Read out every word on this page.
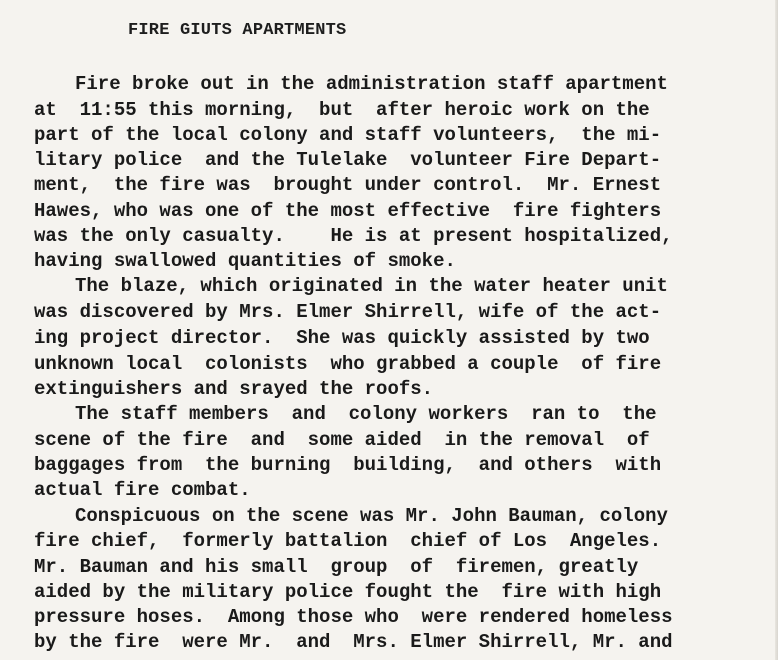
FIRE GIUTS APARTMENTS
Fire broke out in the administration staff apartment
at  11:55 this morning,  but  after heroic work on the
part of the local colony and staff volunteers,  the mi-
litary police  and the Tulelake  volunteer Fire Depart-
ment,  the fire was  brought under control.  Mr. Ernest
Hawes, who was one of the most effective  fire fighters
was the only casualty.    He is at present hospitalized,
having swallowed quantities of smoke.
The blaze, which originated in the water heater unit
was discovered by Mrs. Elmer Shirrell, wife of the act-
ing project director.  She was quickly assisted by two
unknown local  colonists  who grabbed a couple  of fire
extinguishers and srayed the roofs.
The staff members  and  colony workers  ran to  the
scene of the fire  and  some aided  in the removal  of
baggages from  the burning  building,  and others  with
actual fire combat.
Conspicuous on the scene was Mr. John Bauman, colony
fire chief,  formerly battalion  chief of Los  Angeles.
Mr. Bauman and his small  group  of  firemen, greatly
aided by the military police fought the  fire with high
pressure hoses.  Among those who  were rendered homeless
by the fire  were Mr.  and  Mrs. Elmer Shirrell, Mr. and
